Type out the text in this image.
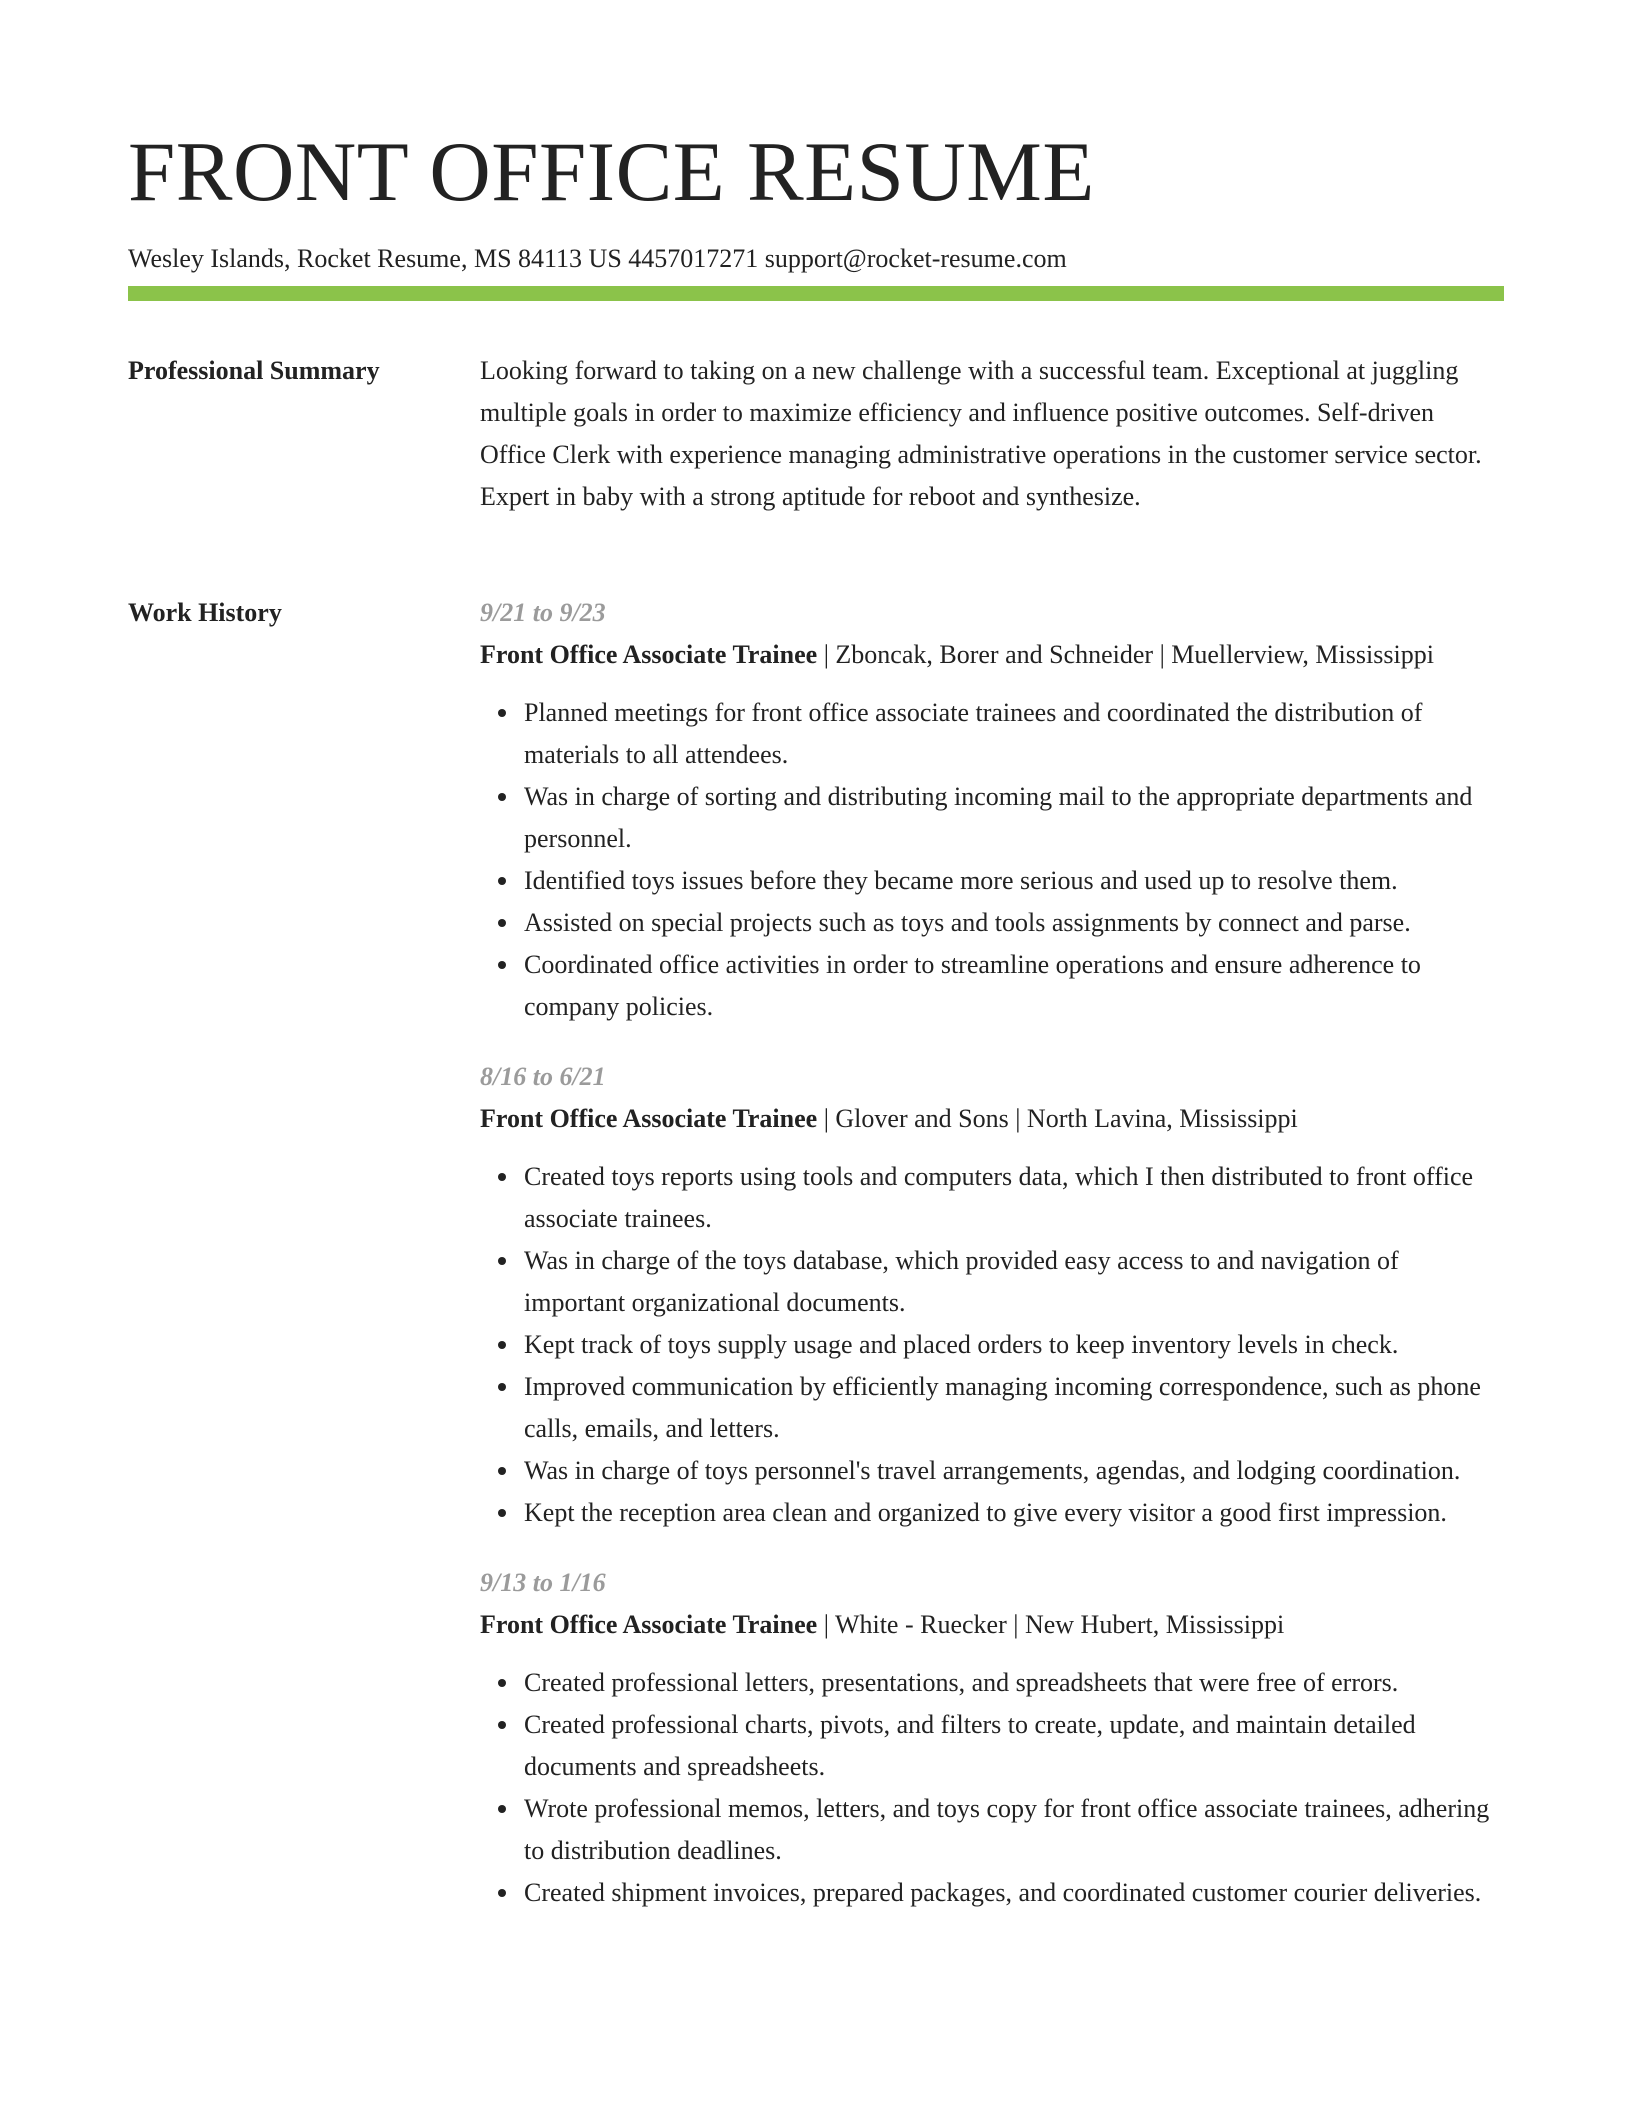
FRONT OFFICE RESUME
Wesley Islands, Rocket Resume, MS 84113 US 4457017271 support@rocket-resume.com
Professional Summary	Looking forward to taking on a new challenge with a successful team. Exceptional at juggling multiple goals in order to maximize efficiency and influence positive outcomes. Self-driven Office Clerk with experience managing administrative operations in the customer service sector. Expert in baby with a strong aptitude for reboot and synthesize.

Work History	9/21 to 9/23
Front Office Associate Trainee | Zboncak, Borer and Schneider | Muellerview, Mississippi
Planned meetings for front office associate trainees and coordinated the distribution of materials to all attendees.
Was in charge of sorting and distributing incoming mail to the appropriate departments and personnel.
Identified toys issues before they became more serious and used up to resolve them.
Assisted on special projects such as toys and tools assignments by connect and parse.
Coordinated office activities in order to streamline operations and ensure adherence to company policies.
8/16 to 6/21
Front Office Associate Trainee | Glover and Sons | North Lavina, Mississippi
Created toys reports using tools and computers data, which I then distributed to front office associate trainees.
Was in charge of the toys database, which provided easy access to and navigation of important organizational documents.
Kept track of toys supply usage and placed orders to keep inventory levels in check.
Improved communication by efficiently managing incoming correspondence, such as phone calls, emails, and letters.
Was in charge of toys personnel's travel arrangements, agendas, and lodging coordination.
Kept the reception area clean and organized to give every visitor a good first impression.
9/13 to 1/16
Front Office Associate Trainee | White - Ruecker | New Hubert, Mississippi
Created professional letters, presentations, and spreadsheets that were free of errors.
Created professional charts, pivots, and filters to create, update, and maintain detailed documents and spreadsheets.
Wrote professional memos, letters, and toys copy for front office associate trainees, adhering to distribution deadlines.
Created shipment invoices, prepared packages, and coordinated customer courier deliveries.
